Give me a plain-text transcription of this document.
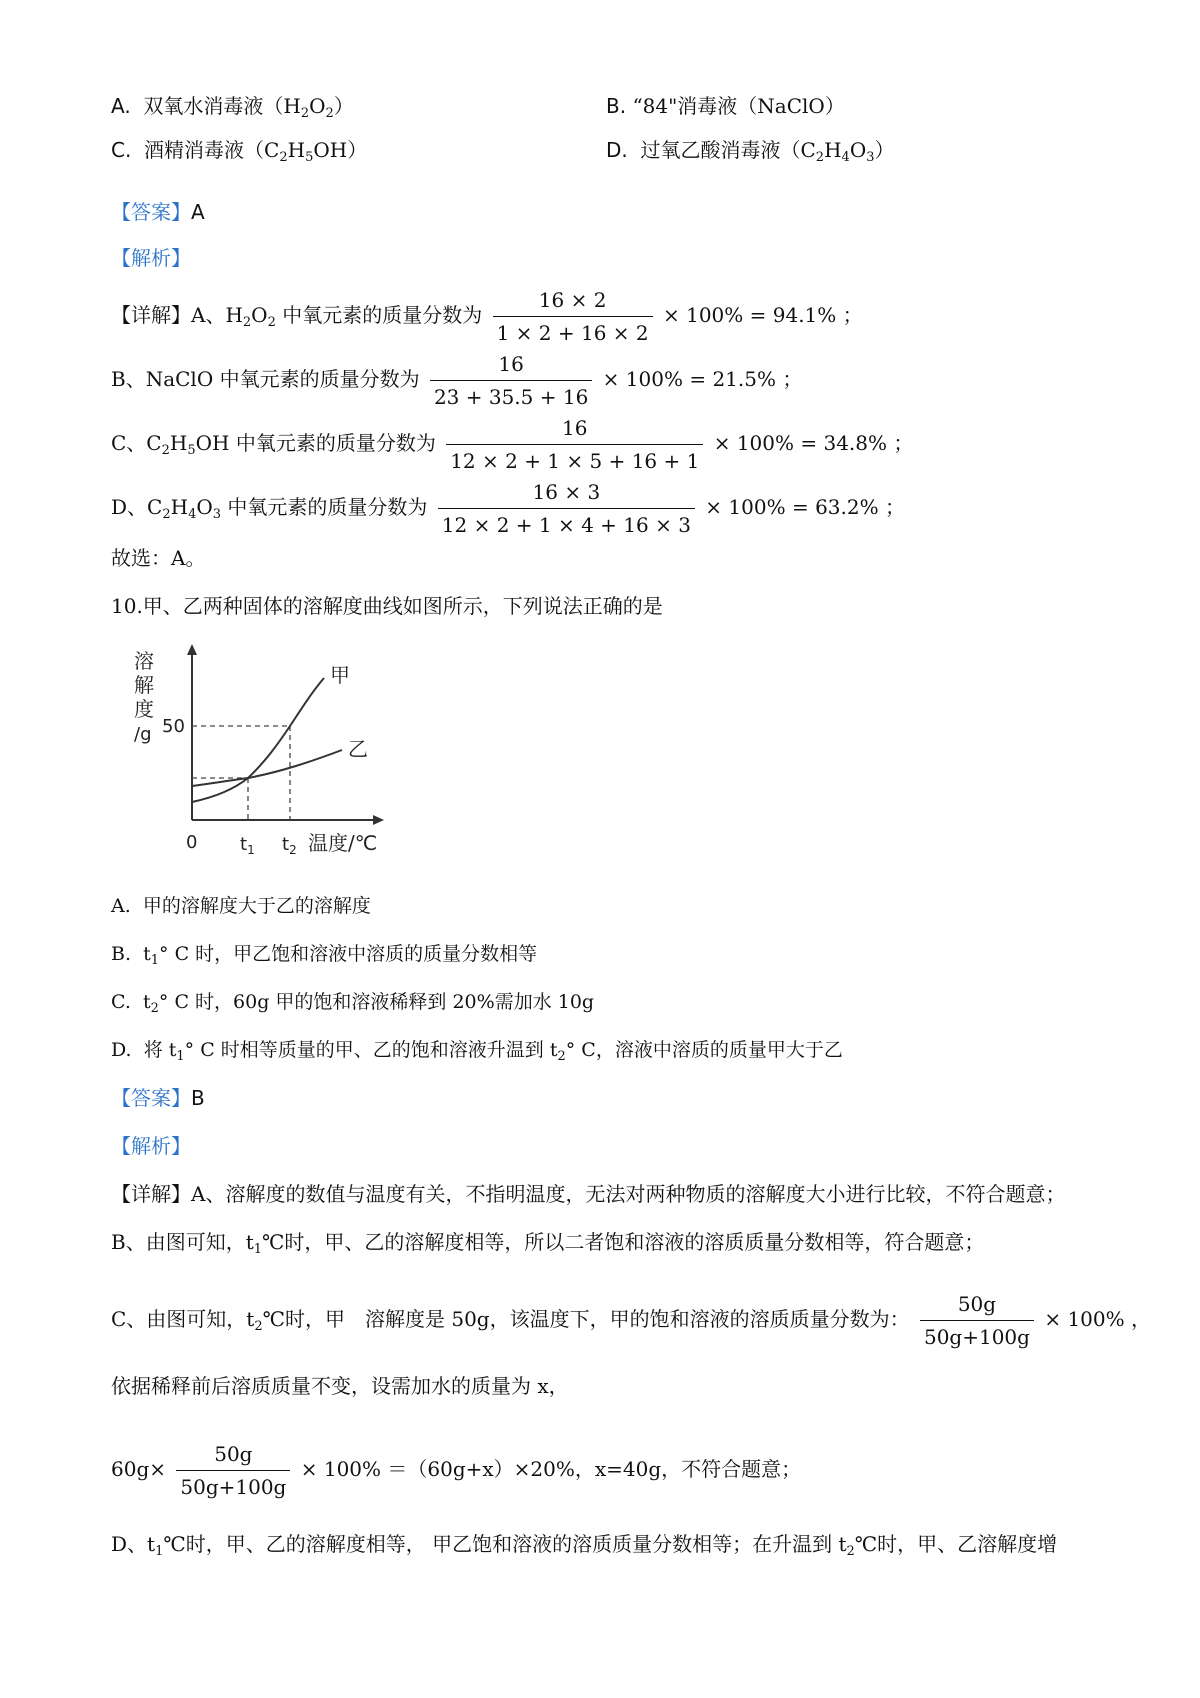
A. 双氧水消毒液$(H_2O_2)$	B. “84"消毒液（NaClO）
C. 酒精消毒液$(C_2H_5OH)$	D. 过氧乙酸消毒液$(C_2H_4O_3)$
【答案】A
【解析】
【详解】A、$H_2O_2$ 中氧元素的质量分数为 $\frac{16 \times 2}{1 \times 2 + 16 \times 2} \times 100\% = 94.1\%$ ；
B、NaClO 中氧元素的质量分数为 $\frac{16}{23 + 35.5 + 16} \times 100\% = 21.5\%$ ；
C、$C_2H_5OH$ 中氧元素的质量分数为 $\frac{16}{12 \times 2 + 1 \times 5 + 16 + 1} \times 100\% = 34.8\%$ ；
D、$C_2H_4O_3$ 中氧元素的质量分数为 $\frac{16 \times 3}{12 \times 2 + 1 \times 4 + 16 \times 3} \times 100\% = 63.2\%$ ；
故选：A。
10.甲、乙两种固体的溶解度曲线如图所示，下列说法正确的是
溶
解
度
/g 50
甲
乙
0 $t_1$ $t_2$ 温度/℃
A. 甲的溶解度大于乙的溶解度
B. $t_1^\circ$ C 时，甲乙饱和溶液中溶质的质量分数相等
C. $t_2^\circ$ C 时，60g 甲的饱和溶液稀释到 20%需加水 10g
D. 将 $t_1^\circ$ C 时相等质量的甲、乙的饱和溶液升温到 $t_2^\circ$ C，溶液中溶质的质量甲大于乙
【答案】B
【解析】
【详解】A、溶解度的数值与温度有关，不指明温度，无法对两种物质的溶解度大小进行比较，不符合题意；
B、由图可知，$t_1℃$时，甲、乙的溶解度相等，所以二者饱和溶液的溶质质量分数相等，符合题意；
C、由图可知，$t_2℃$时，甲　溶解度是 50g，该温度下，甲的饱和溶液的溶质质量分数为： $\frac{50g}{50g+100g} \times 100\%$ ，
依据稀释前后溶质质量不变，设需加水的质量为 x，
$60g\times \frac{50g}{50g+100g} \times 100\% =(60g+x)\times 20\%$，x=40g，不符合题意；
D、$t_1℃$时，甲、乙的溶解度相等， 甲乙饱和溶液的溶质质量分数相等；在升温到 $t_2℃$时，甲、乙溶解度增
